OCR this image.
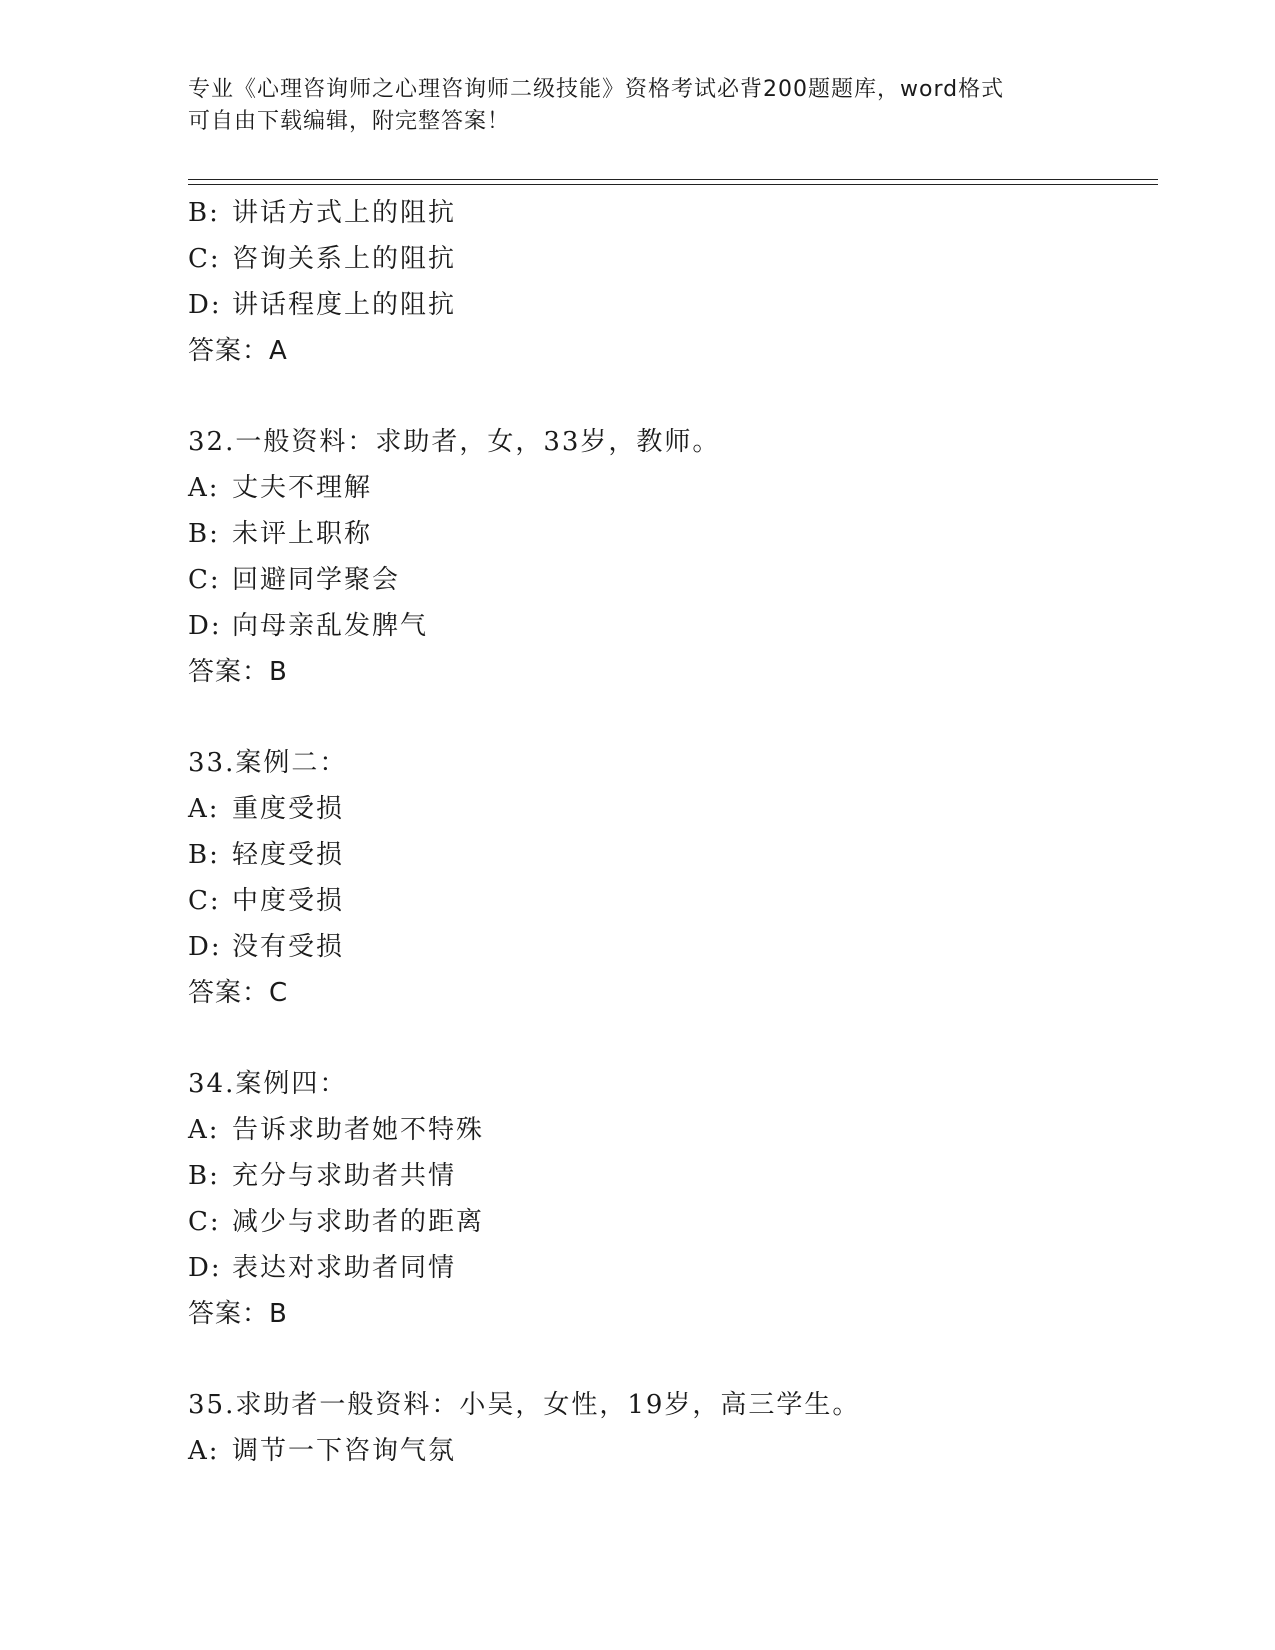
专业《心理咨询师之心理咨询师二级技能》资格考试必背200题题库，word格式
可自由下载编辑，附完整答案！
B: 讲话方式上的阻抗
C: 咨询关系上的阻抗
D: 讲话程度上的阻抗
答案：A
32.一般资料：求助者，女，33岁，教师。
A: 丈夫不理解
B: 未评上职称
C: 回避同学聚会
D: 向母亲乱发脾气
答案：B
33.案例二：
A: 重度受损
B: 轻度受损
C: 中度受损
D: 没有受损
答案：C
34.案例四：
A: 告诉求助者她不特殊
B: 充分与求助者共情
C: 减少与求助者的距离
D: 表达对求助者同情
答案：B
35.求助者一般资料：小吴，女性，19岁，高三学生。
A: 调节一下咨询气氛
